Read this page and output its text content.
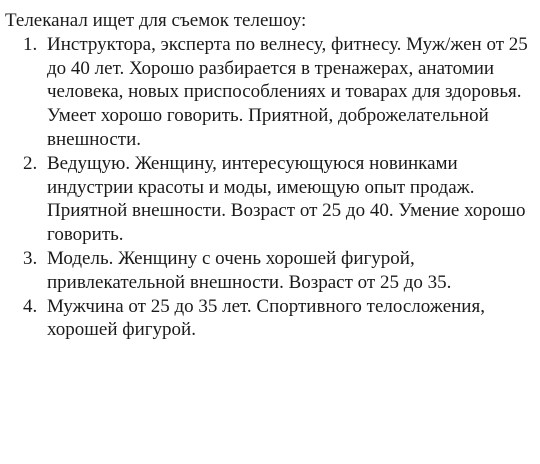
Телеканал ищет для съемок телешоу:

1. Инструктора, эксперта по велнесу, фитнесу. Муж/жен от 25 до 40 лет. Хорошо разбирается в тренажерах, анатомии человека, новых приспособлениях и товарах для здоровья. Умеет хорошо говорить. Приятной, доброжелательной внешности.
2. Ведущую. Женщину, интересующуюся новинками индустрии красоты и моды, имеющую опыт продаж. Приятной внешности. Возраст от 25 до 40. Умение хорошо говорить.
3. Модель. Женщину с очень хорошей фигурой, привлекательной внешности. Возраст от 25 до 35.
4. Мужчина от 25 до 35 лет. Спортивного телосложения, хорошей фигурой.
